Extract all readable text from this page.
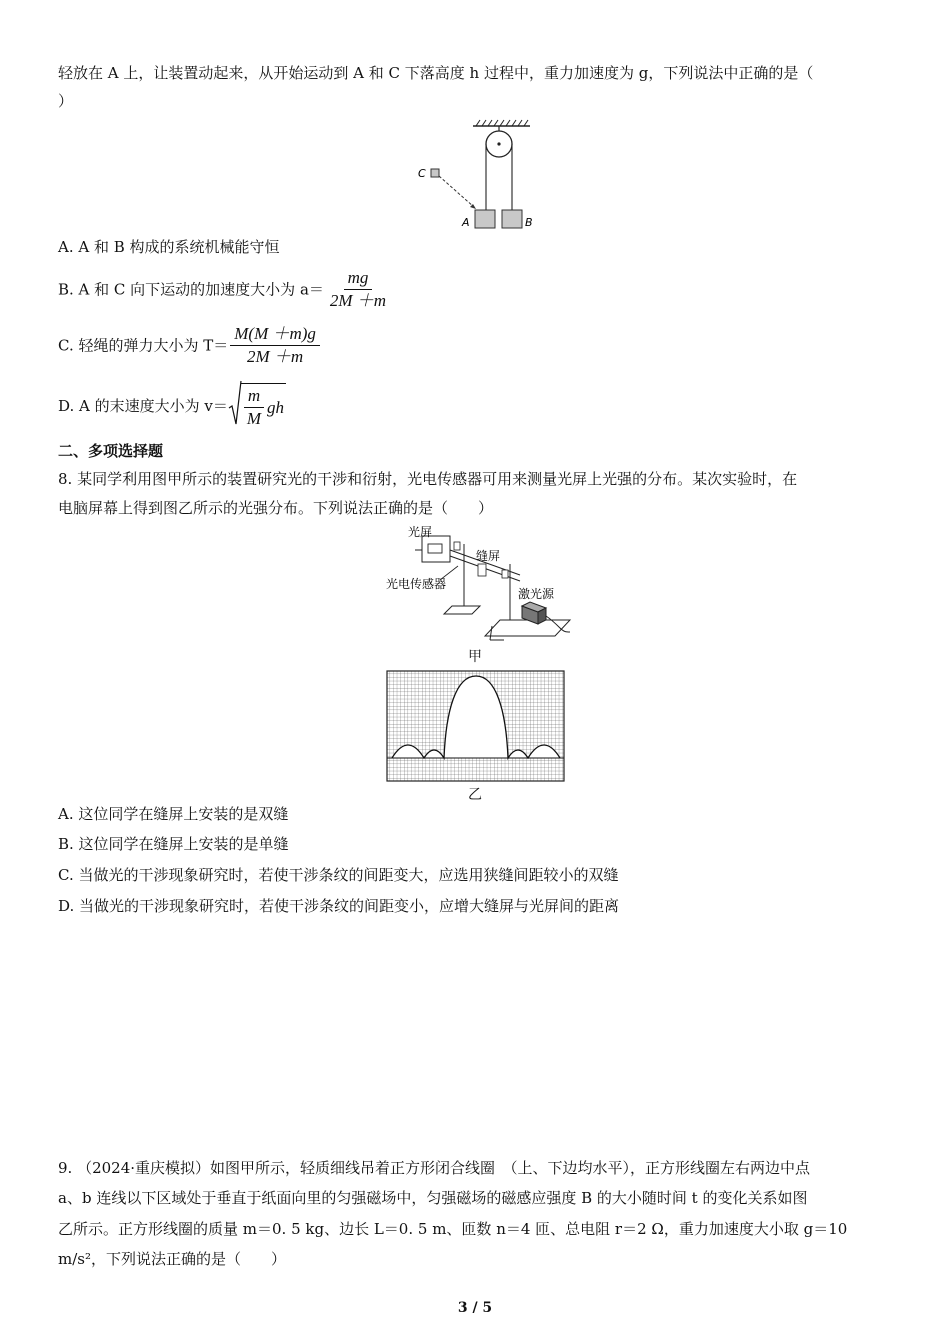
轻放在 A 上，让装置动起来，从开始运动到 A 和 C 下落高度 h 过程中，重力加速度为 g，下列说法中正确的是（
）
C
A	B
A. A 和 B 构成的系统机械能守恒
B. A 和 C 向下运动的加速度大小为 $a= \frac{mg}{2M +m}$
C. 轻绳的弹力大小为 $T= \frac{M(M +m)g}{2M +m}$
D. A 的末速度大小为 $v= \frac{m}{M}$ gh
二、多项选择题
8. 某同学利用图甲所示的装置研究光的干涉和衍射，光电传感器可用来测量光屏上光强的分布。某次实验时，在
电脑屏幕上得到图乙所示的光强分布。下列说法正确的是（　　）
光屏
光电传感器
缝屏
激光源
甲
乙
A. 这位同学在缝屏上安装的是双缝
B. 这位同学在缝屏上安装的是单缝
C. 当做光的干涉现象研究时，若使干涉条纹的间距变大，应选用狭缝间距较小的双缝
D. 当做光的干涉现象研究时，若使干涉条纹的间距变小，应增大缝屏与光屏间的距离
9. （2024·重庆模拟）如图甲所示，轻质细线吊着正方形闭合线圈　（上、下边均水平），正方形线圈左右两边中点
a、b 连线以下区域处于垂直于纸面向里的匀强磁场中，匀强磁场的磁感应强度 B 的大小随时间 t 的变化关系如图
乙所示。正方形线圈的质量 m＝0. 5 kg、边长 L＝0. 5 m、匝数 n＝4 匝、总电阻 r＝2 Ω，重力加速度大小取 g＝10
m/s²，下列说法正确的是（　　）
3 / 5
